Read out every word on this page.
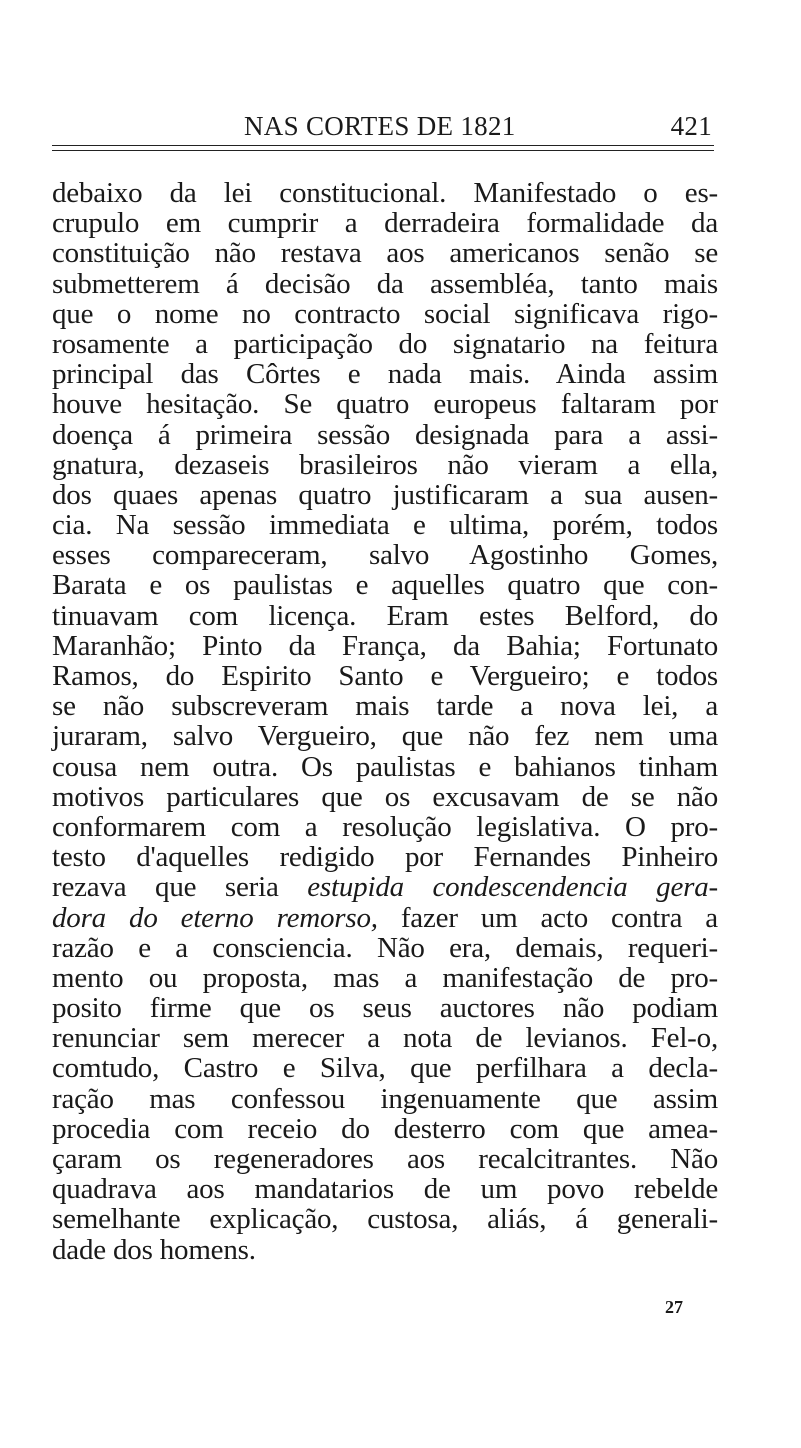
NAS CORTES DE 1821	421
debaixo da lei constitucional. Manifestado o es-
crupulo em cumprir a derradeira formalidade da
constituição não restava aos americanos senão se
submetterem á decisão da assembléa, tanto mais
que o nome no contracto social significava rigo-
rosamente a participação do signatario na feitura
principal das Côrtes e nada mais. Ainda assim
houve hesitação. Se quatro europeus faltaram por
doença á primeira sessão designada para a assi-
gnatura, dezaseis brasileiros não vieram a ella,
dos quaes apenas quatro justificaram a sua ausen-
cia. Na sessão immediata e ultima, porém, todos
esses compareceram, salvo Agostinho Gomes,
Barata e os paulistas e aquelles quatro que con-
tinuavam com licença. Eram estes Belford, do
Maranhão; Pinto da França, da Bahia; Fortunato
Ramos, do Espirito Santo e Vergueiro; e todos
se não subscreveram mais tarde a nova lei, a
juraram, salvo Vergueiro, que não fez nem uma
cousa nem outra. Os paulistas e bahianos tinham
motivos particulares que os excusavam de se não
conformarem com a resolução legislativa. O pro-
testo d'aquelles redigido por Fernandes Pinheiro
rezava que seria estupida condescendencia gera-
dora do eterno remorso, fazer um acto contra a
razão e a consciencia. Não era, demais, requeri-
mento ou proposta, mas a manifestação de pro-
posito firme que os seus auctores não podiam
renunciar sem merecer a nota de levianos. Fel-o,
comtudo, Castro e Silva, que perfilhara a decla-
ração mas confessou ingenuamente que assim
procedia com receio do desterro com que amea-
çaram os regeneradores aos recalcitrantes. Não
quadrava aos mandatarios de um povo rebelde
semelhante explicação, custosa, aliás, á generali-
dade dos homens.
27
